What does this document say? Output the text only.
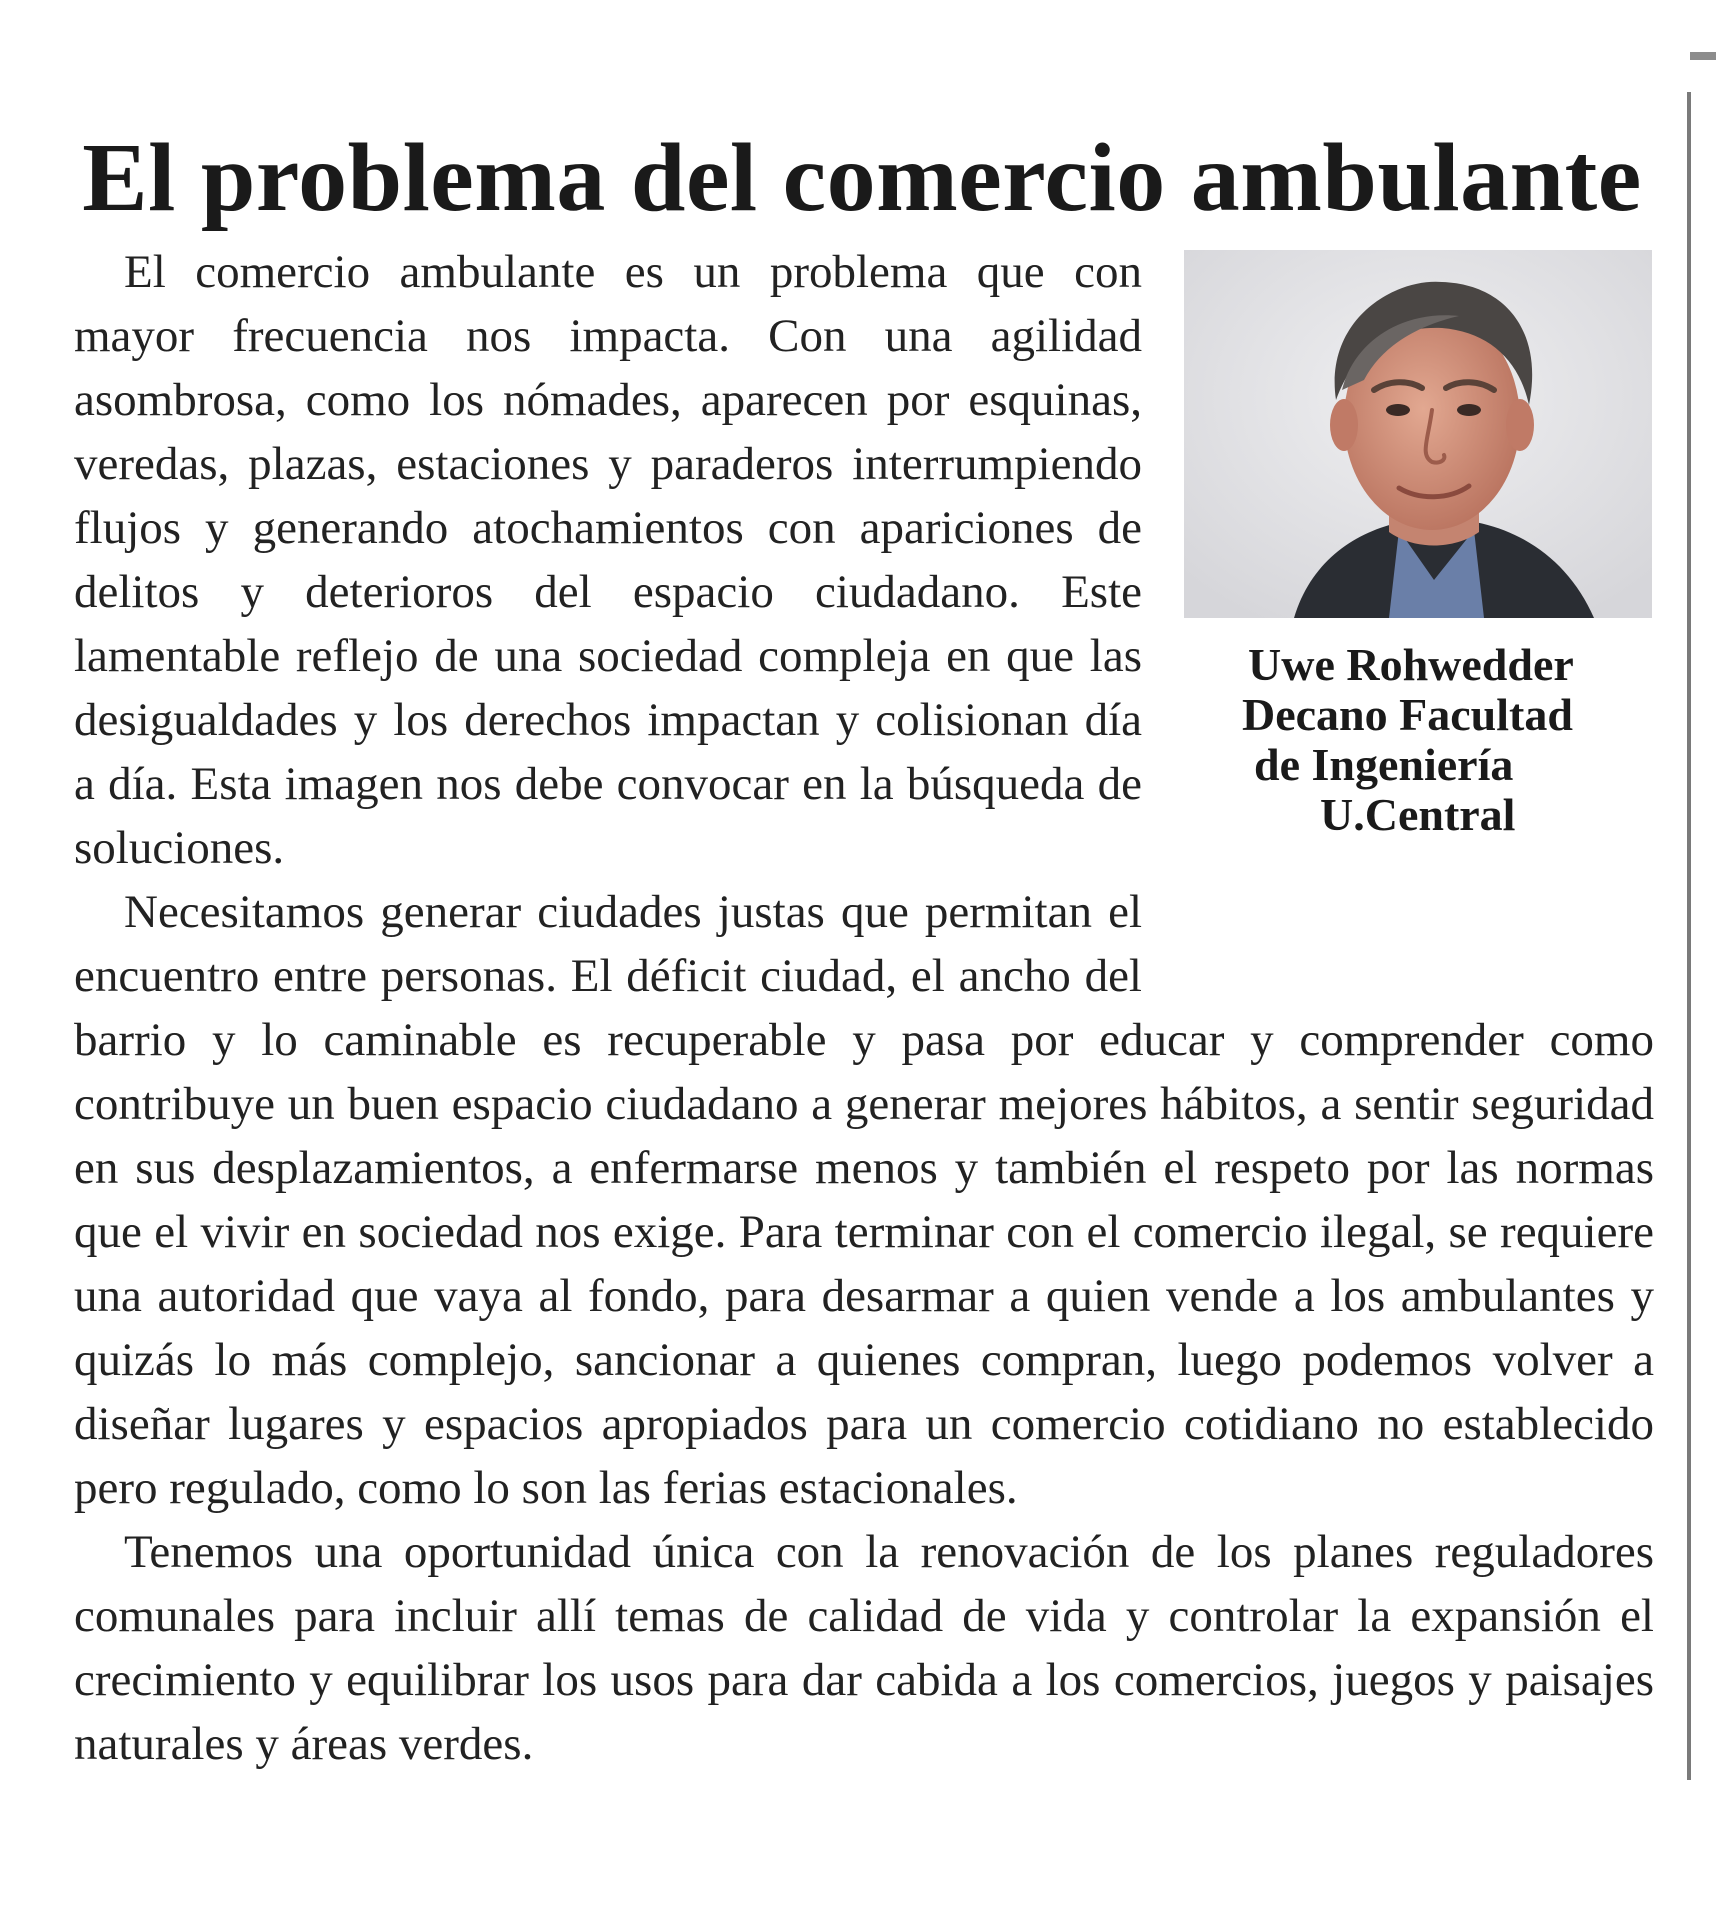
El problema del comercio ambulante
Uwe Rohwedder
Decano Facultad
de Ingeniería
U.Central

El comercio ambulante es un problema que con mayor frecuencia nos impacta. Con una agilidad asombrosa, como los nómades, aparecen por esquinas, veredas, plazas, estaciones y paraderos interrumpiendo flujos y generando atochamientos con apariciones de delitos y deterioros del espacio ciudadano. Este lamentable reflejo de una sociedad compleja en que las desigualdades y los derechos impactan y colisionan día a día. Esta imagen nos debe convocar en la búsqueda de soluciones.

Necesitamos generar ciudades justas que permitan el encuentro entre personas. El déficit ciudad, el ancho del barrio y lo caminable es recuperable y pasa por educar y comprender como contribuye un buen espacio ciudadano a generar mejores hábitos, a sentir seguridad en sus desplazamientos, a enfermarse menos y también el respeto por las normas que el vivir en sociedad nos exige. Para terminar con el comercio ilegal, se requiere una autoridad que vaya al fondo, para desarmar a quien vende a los ambulantes y quizás lo más complejo, sancionar a quienes compran, luego podemos volver a diseñar lugares y espacios apropiados para un comercio cotidiano no establecido pero regulado, como lo son las ferias estacionales.

Tenemos una oportunidad única con la renovación de los planes reguladores comunales para incluir allí temas de calidad de vida y controlar la expansión el crecimiento y equilibrar los usos para dar cabida a los comercios, juegos y paisajes naturales y áreas verdes.
